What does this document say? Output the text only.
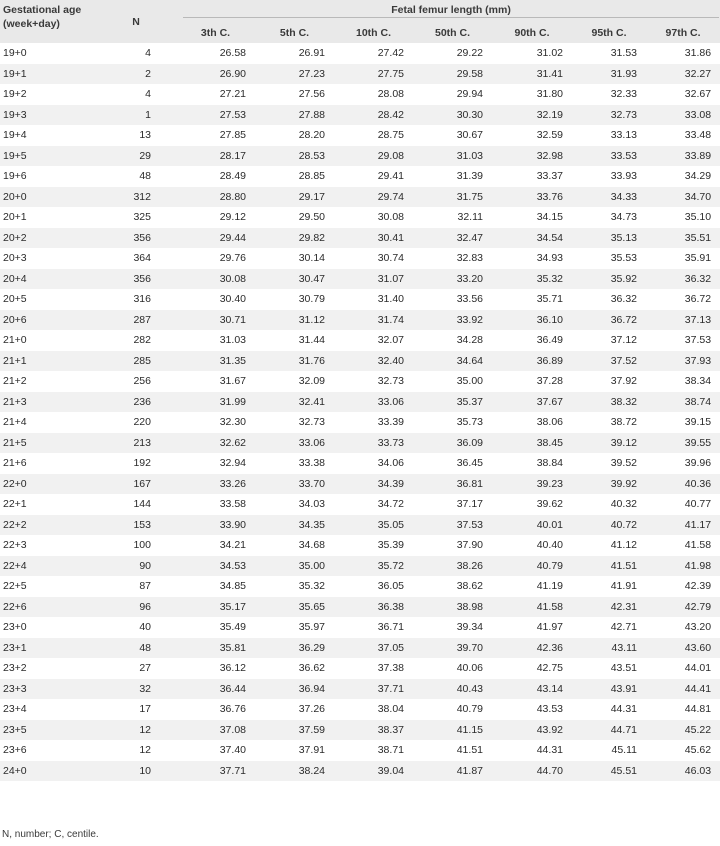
Gestational age
(week+day)	N	Fetal femur length (mm)						

		3th C.	5th C.	10th C.	50th C.	90th C.	95th C.	97th C.
19+0	4	26.58	26.91	27.42	29.22	31.02	31.53	31.86
19+1	2	26.90	27.23	27.75	29.58	31.41	31.93	32.27
19+2	4	27.21	27.56	28.08	29.94	31.80	32.33	32.67
19+3	1	27.53	27.88	28.42	30.30	32.19	32.73	33.08
19+4	13	27.85	28.20	28.75	30.67	32.59	33.13	33.48
19+5	29	28.17	28.53	29.08	31.03	32.98	33.53	33.89
19+6	48	28.49	28.85	29.41	31.39	33.37	33.93	34.29
20+0	312	28.80	29.17	29.74	31.75	33.76	34.33	34.70
20+1	325	29.12	29.50	30.08	32.11	34.15	34.73	35.10
20+2	356	29.44	29.82	30.41	32.47	34.54	35.13	35.51
20+3	364	29.76	30.14	30.74	32.83	34.93	35.53	35.91
20+4	356	30.08	30.47	31.07	33.20	35.32	35.92	36.32
20+5	316	30.40	30.79	31.40	33.56	35.71	36.32	36.72
20+6	287	30.71	31.12	31.74	33.92	36.10	36.72	37.13
21+0	282	31.03	31.44	32.07	34.28	36.49	37.12	37.53
21+1	285	31.35	31.76	32.40	34.64	36.89	37.52	37.93
21+2	256	31.67	32.09	32.73	35.00	37.28	37.92	38.34
21+3	236	31.99	32.41	33.06	35.37	37.67	38.32	38.74
21+4	220	32.30	32.73	33.39	35.73	38.06	38.72	39.15
21+5	213	32.62	33.06	33.73	36.09	38.45	39.12	39.55
21+6	192	32.94	33.38	34.06	36.45	38.84	39.52	39.96
22+0	167	33.26	33.70	34.39	36.81	39.23	39.92	40.36
22+1	144	33.58	34.03	34.72	37.17	39.62	40.32	40.77
22+2	153	33.90	34.35	35.05	37.53	40.01	40.72	41.17
22+3	100	34.21	34.68	35.39	37.90	40.40	41.12	41.58
22+4	90	34.53	35.00	35.72	38.26	40.79	41.51	41.98
22+5	87	34.85	35.32	36.05	38.62	41.19	41.91	42.39
22+6	96	35.17	35.65	36.38	38.98	41.58	42.31	42.79
23+0	40	35.49	35.97	36.71	39.34	41.97	42.71	43.20
23+1	48	35.81	36.29	37.05	39.70	42.36	43.11	43.60
23+2	27	36.12	36.62	37.38	40.06	42.75	43.51	44.01
23+3	32	36.44	36.94	37.71	40.43	43.14	43.91	44.41
23+4	17	36.76	37.26	38.04	40.79	43.53	44.31	44.81
23+5	12	37.08	37.59	38.37	41.15	43.92	44.71	45.22
23+6	12	37.40	37.91	38.71	41.51	44.31	45.11	45.62
24+0	10	37.71	38.24	39.04	41.87	44.70	45.51	46.03
N, number; C, centile.
